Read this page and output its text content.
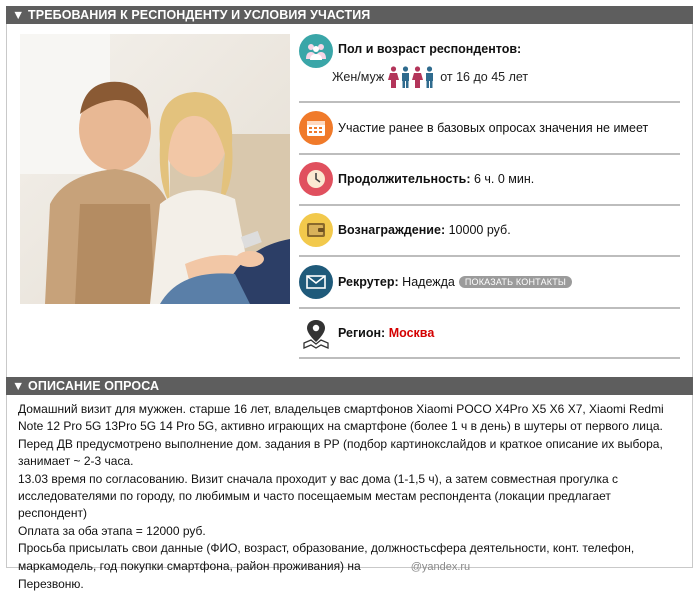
▼ ТРЕБОВАНИЯ К РЕСПОНДЕНТУ И УСЛОВИЯ УЧАСТИЯ
Пол и возраст респондентов:
Жен/муж	от 16 до 45 лет
Участие ранее в базовых опросах значения не имеет
Продолжительность: 6 ч. 0 мин.
Вознаграждение: 10000 руб.
Рекрутер: Надежда ПОКАЗАТЬ КОНТАКТЫ
Регион: Москва
▼ ОПИСАНИЕ ОПРОСА

Домашний визит для мужжен. старше 16 лет, владельцев смартфонов Xiaomi POCO X4Pro X5 X6 X7, Xiaomi Redmi Note 12 Pro 5G 13Pro 5G 14 Pro 5G, активно играющих на смартфоне (более 1 ч в день) в шутеры от первого лица.

Перед ДВ предусмотрено выполнение дом. задания в РР (подбор картинокслайдов и краткое описание их выбора, занимает ~ 2-3 часа.

13.03 время по согласованию. Визит сначала проходит у вас дома (1-1,5 ч), а затем совместная прогулка с исследователями по городу, по любимым и часто посещаемым местам респондента (локации предлагает респондент)

Оплата за оба этапа = 12000 руб.

Просьба присылать свои данные (ФИО, возраст, образование, должностьсфера деятельности, конт. телефон, маркамодель, год покупки смартфона, район проживания) на	@yandex.ru

Перезвоню.
